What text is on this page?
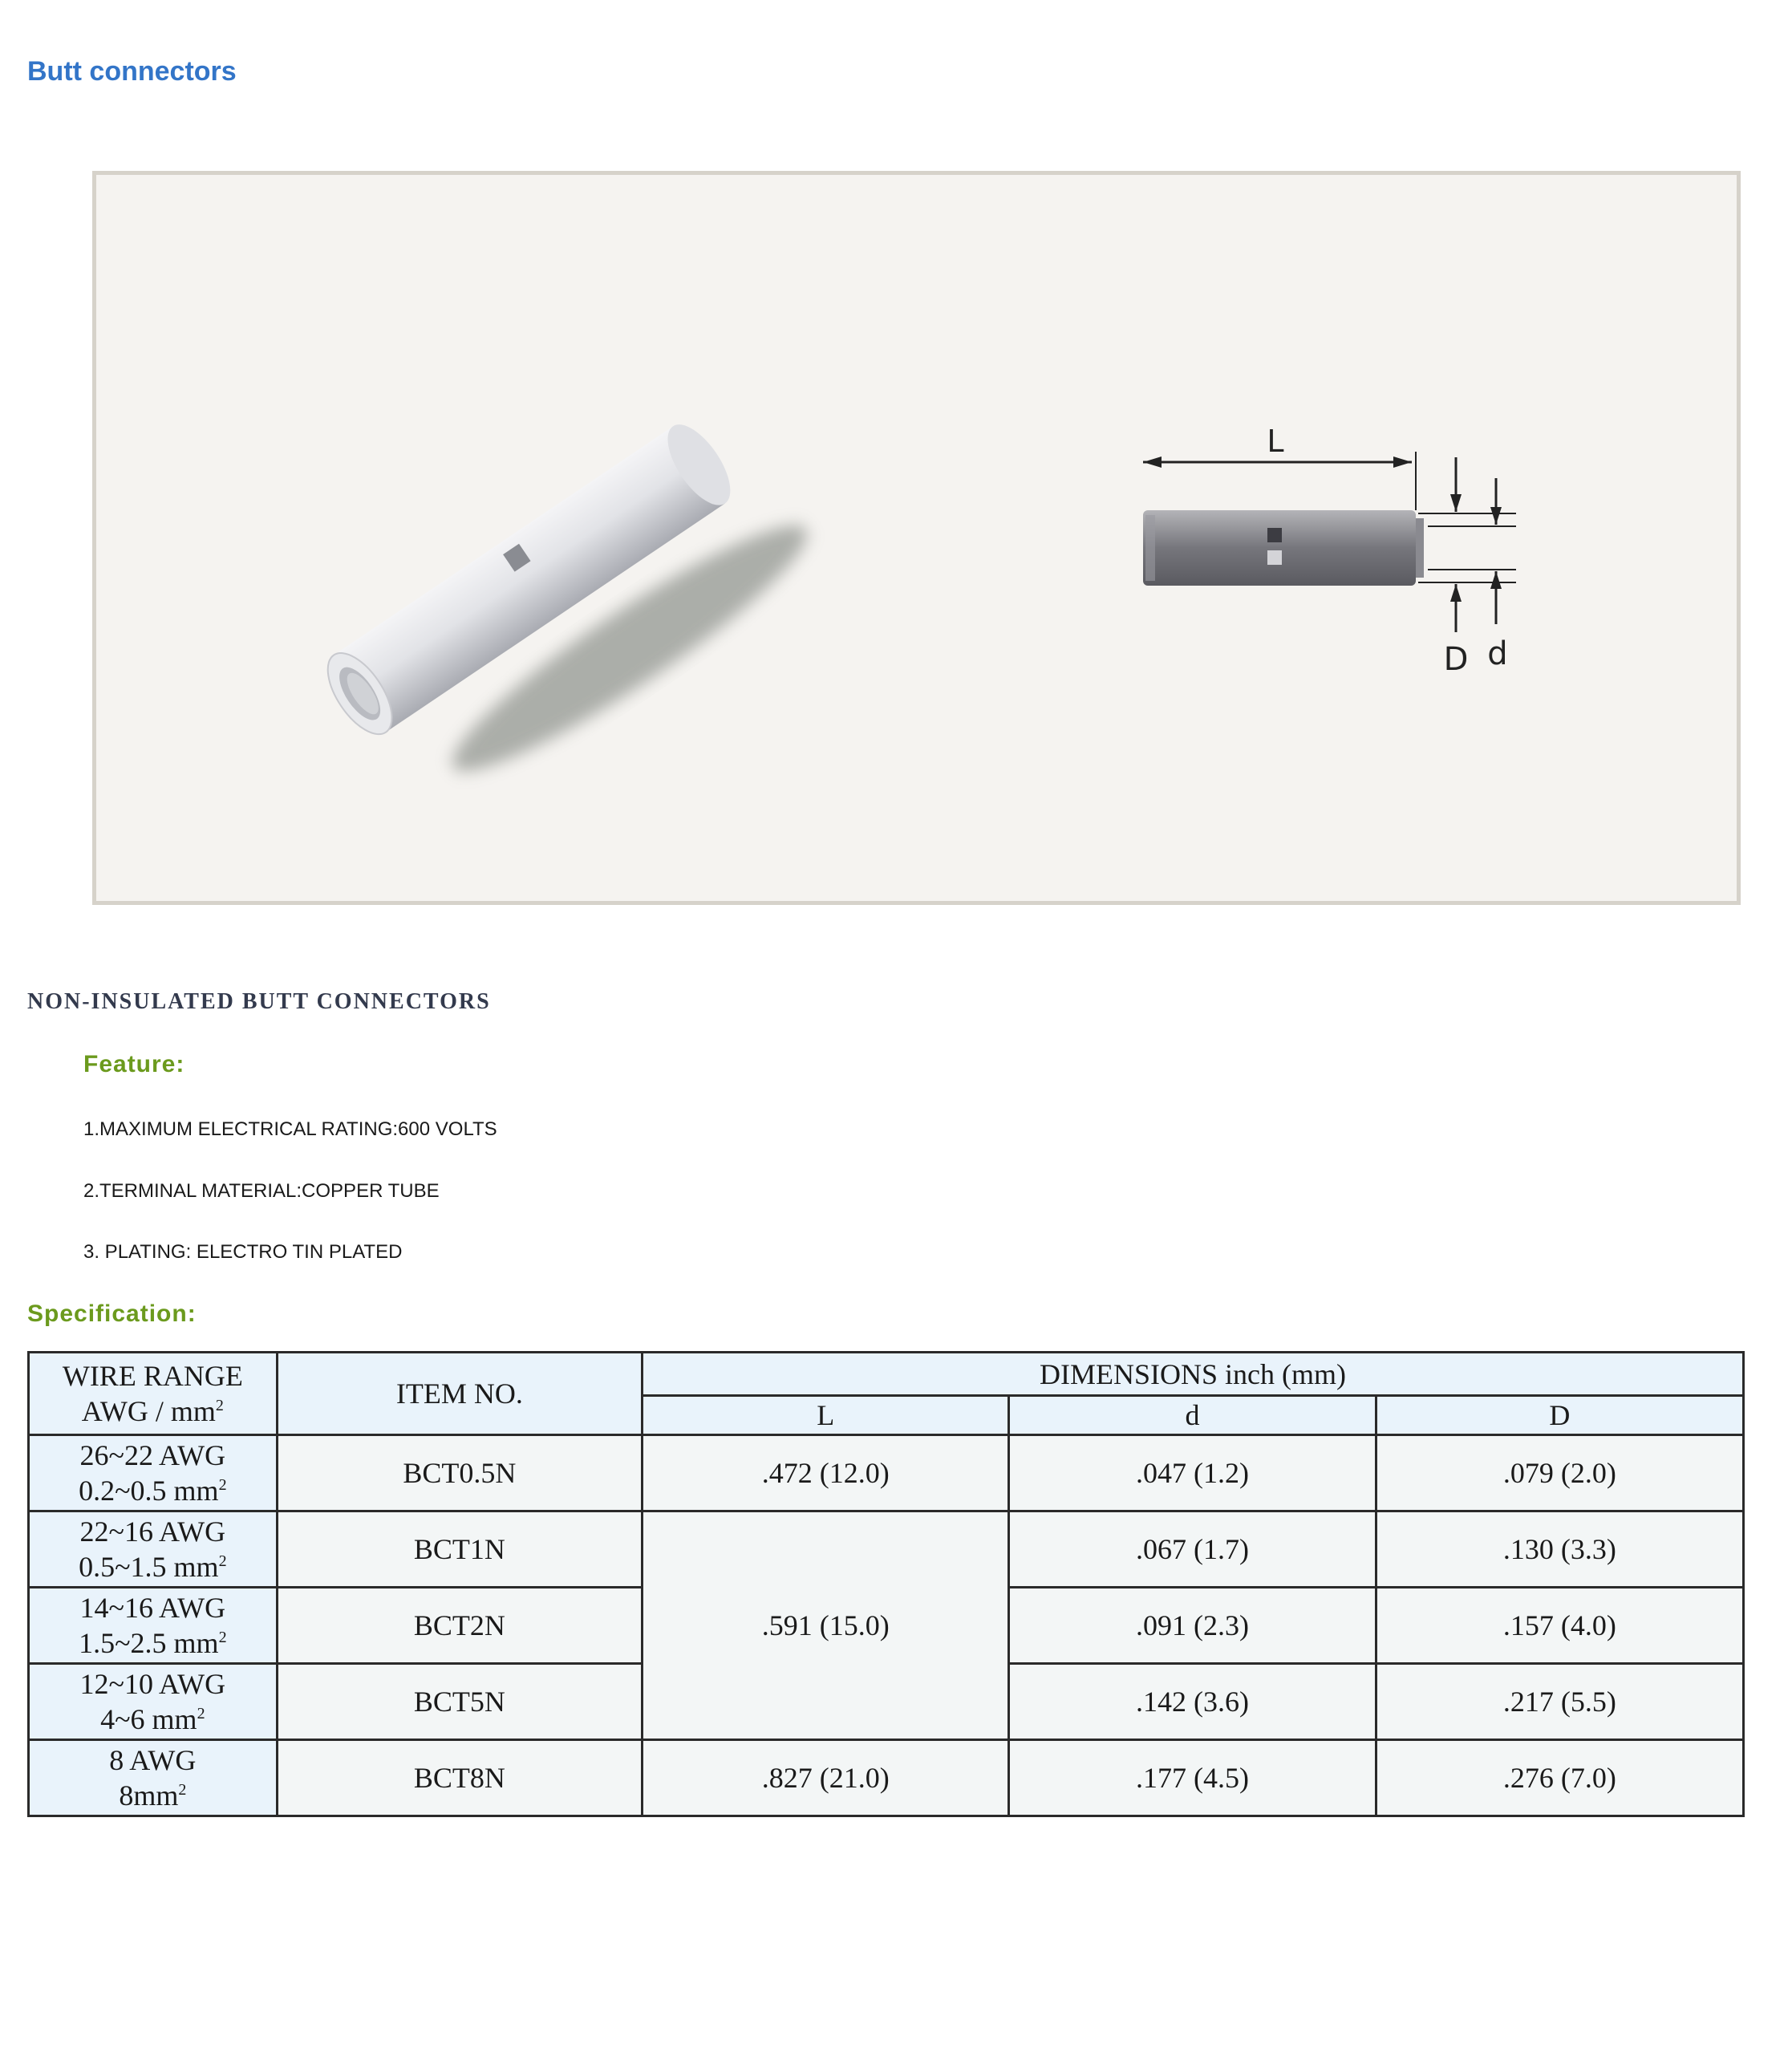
Butt connectors
L
D d
NON-INSULATED BUTT CONNECTORS
Feature:
1.MAXIMUM ELECTRICAL RATING:600 VOLTS
2.TERMINAL MATERIAL:COPPER TUBE
3. PLATING: ELECTRO TIN PLATED
Specification:
WIRE RANGE
AWG / $mm^2$	ITEM NO.	DIMENSIONS inch (mm)		
		L	d	D

26~22 AWG
0.2~0.5 $mm^2$	BCT0.5N	.472 (12.0)	.047 (1.2)	.079 (2.0)

22~16 AWG
0.5~1.5 $mm^2$	BCT1N	.591 (15.0)	.067 (1.7)	.130 (3.3)

14~16 AWG
1.5~2.5 $mm^2$	BCT2N		.091 (2.3)	.157 (4.0)

12~10 AWG
4~6 $mm^2$	BCT5N		.142 (3.6)	.217 (5.5)

8 AWG
$8mm^2$	BCT8N	.827 (21.0)	.177 (4.5)	.276 (7.0)
